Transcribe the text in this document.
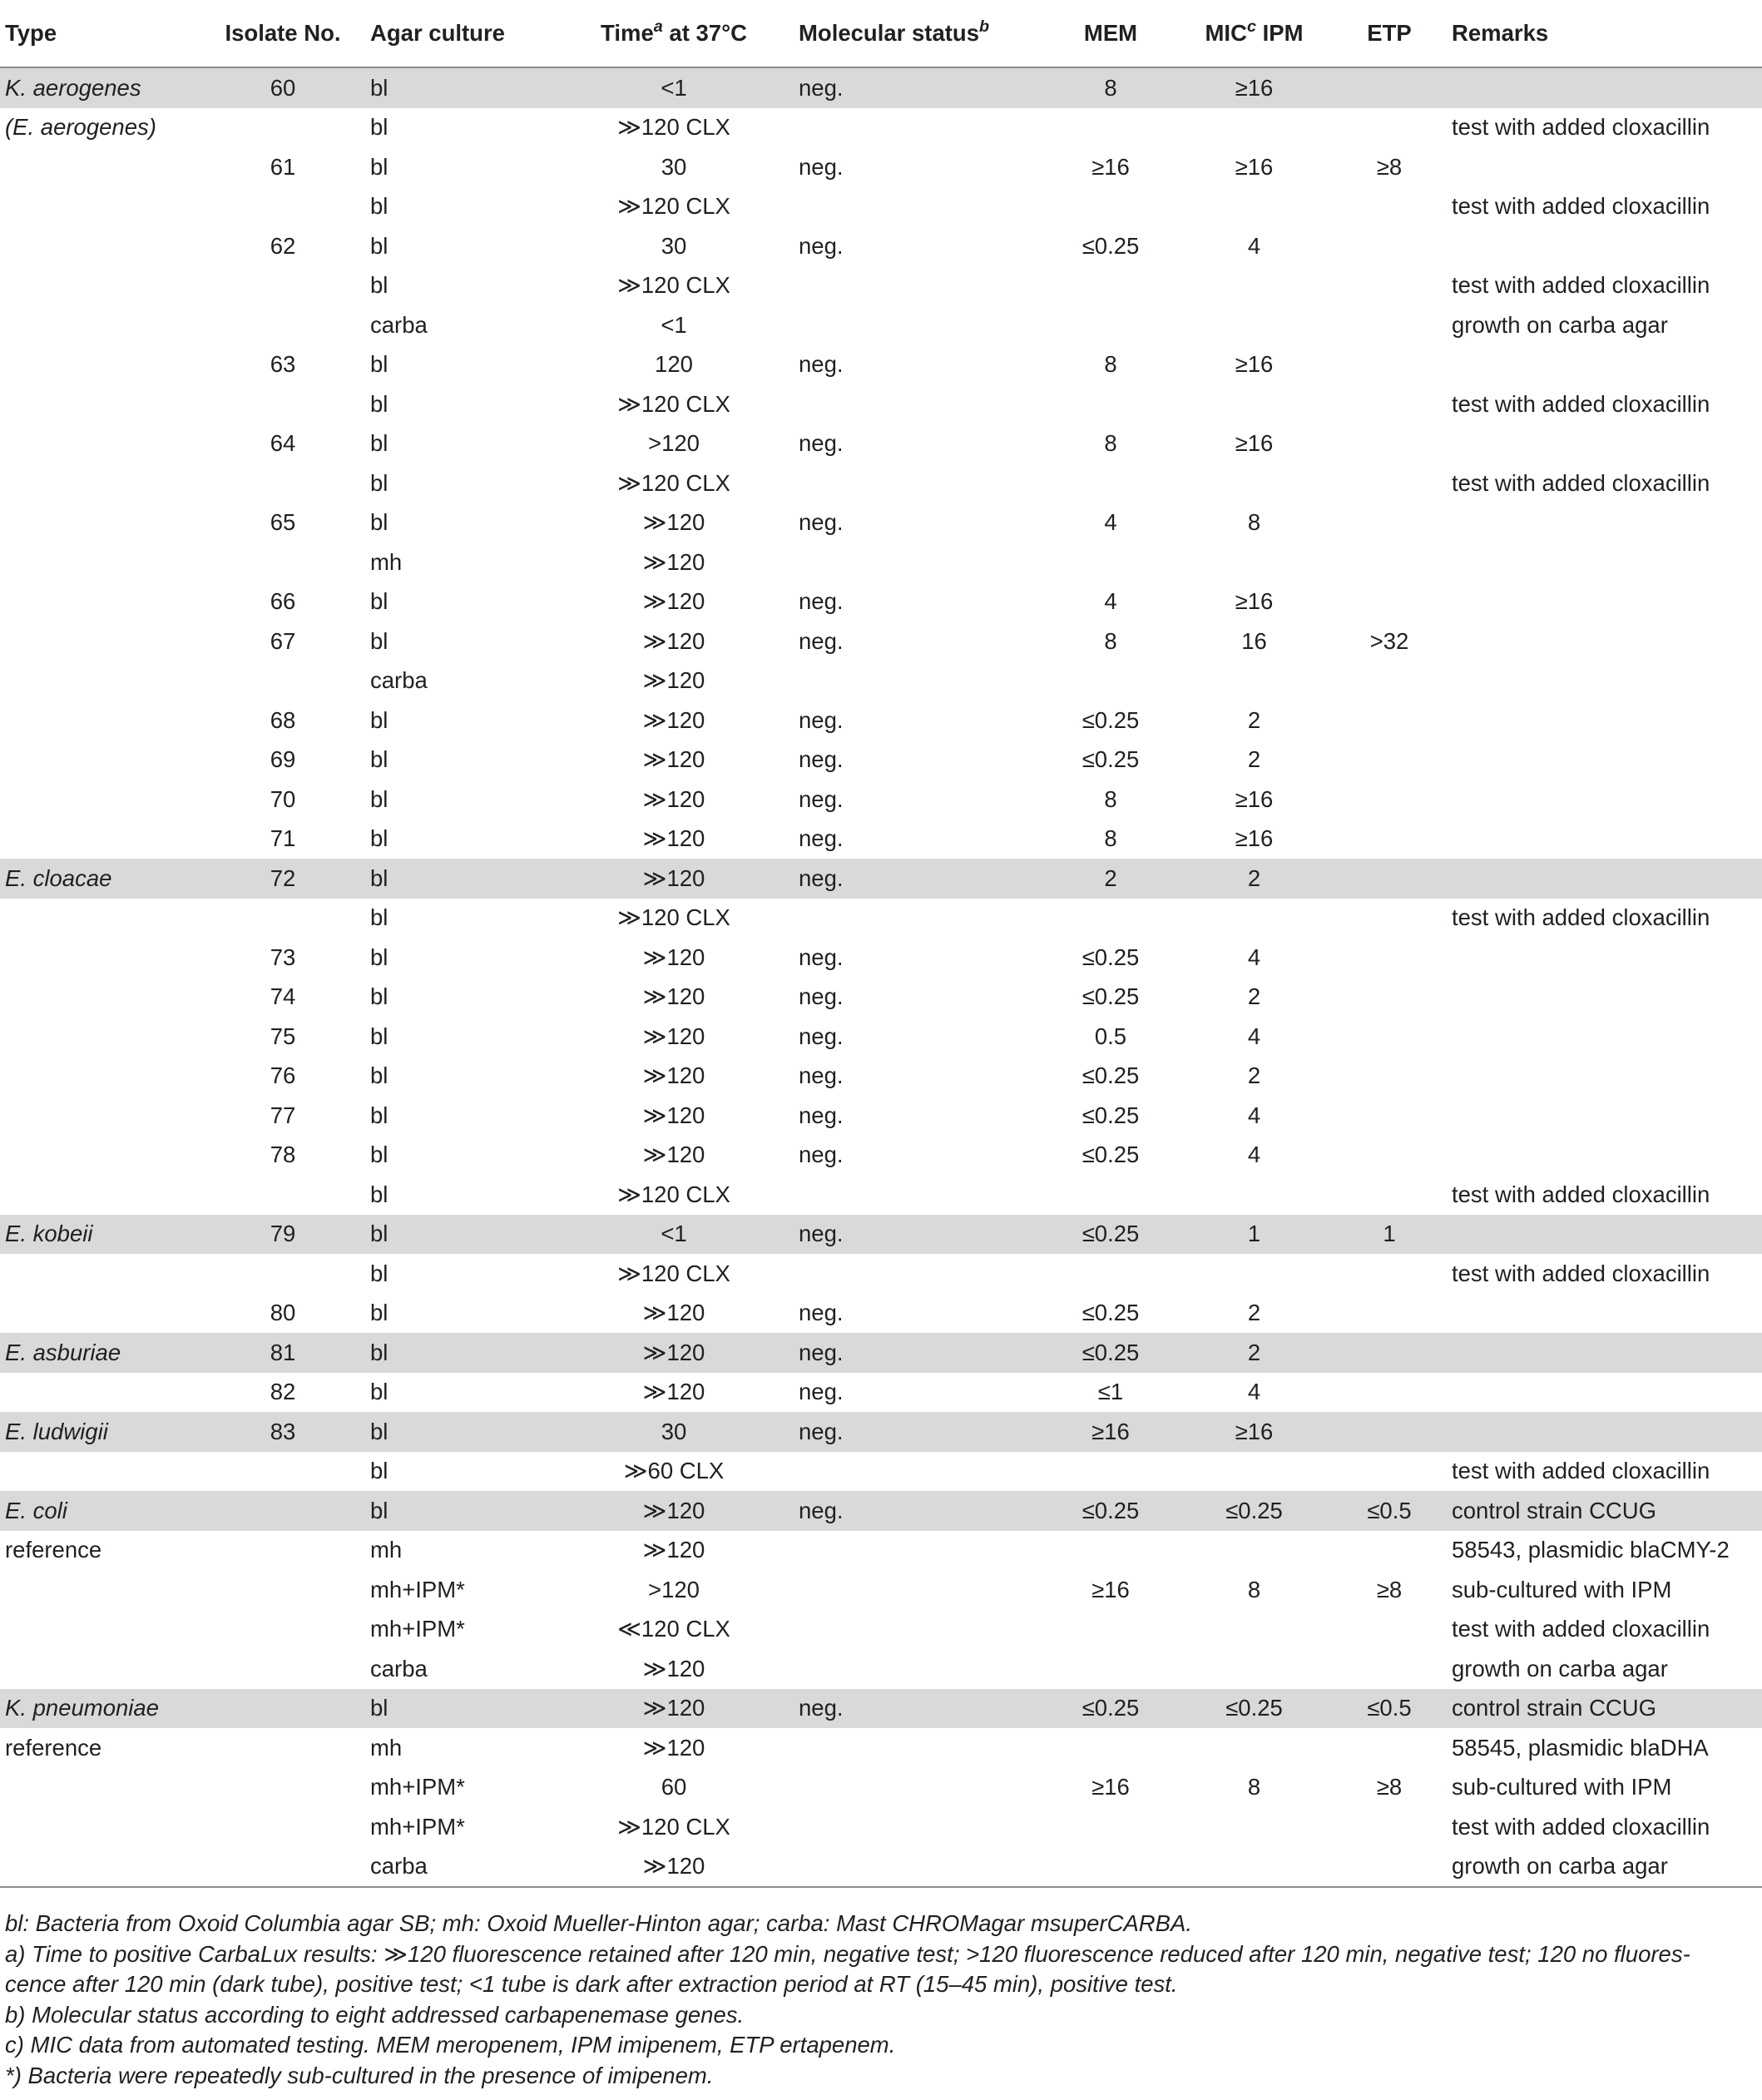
Type	Isolate No.	Agar culture	Time$^a$ at 37°C	Molecular status$^b$	MEM	MIC$^c$ IPM	ETP	Remarks
K. aerogenes	60	bl	<1	neg.	8	≥16		
(E. aerogenes)		bl	≫120 CLX					test with added cloxacillin
	61	bl	30	neg.	≥16	≥16	≥8	
		bl	≫120 CLX					test with added cloxacillin
	62	bl	30	neg.	≤0.25	4		
		bl	≫120 CLX					test with added cloxacillin
		carba	<1					growth on carba agar
	63	bl	120	neg.	8	≥16		
		bl	≫120 CLX					test with added cloxacillin
	64	bl	>120	neg.	8	≥16		
		bl	≫120 CLX					test with added cloxacillin
	65	bl	≫120	neg.	4	8		
		mh	≫120					
	66	bl	≫120	neg.	4	≥16		
	67	bl	≫120	neg.	8	16	>32	
		carba	≫120					
	68	bl	≫120	neg.	≤0.25	2		
	69	bl	≫120	neg.	≤0.25	2		
	70	bl	≫120	neg.	8	≥16		
	71	bl	≫120	neg.	8	≥16		
E. cloacae	72	bl	≫120	neg.	2	2		
		bl	≫120 CLX					test with added cloxacillin
	73	bl	≫120	neg.	≤0.25	4		
	74	bl	≫120	neg.	≤0.25	2		
	75	bl	≫120	neg.	0.5	4		
	76	bl	≫120	neg.	≤0.25	2		
	77	bl	≫120	neg.	≤0.25	4		
	78	bl	≫120	neg.	≤0.25	4		
		bl	≫120 CLX					test with added cloxacillin
E. kobeii	79	bl	<1	neg.	≤0.25	1	1	
		bl	≫120 CLX					test with added cloxacillin
	80	bl	≫120	neg.	≤0.25	2		
E. asburiae	81	bl	≫120	neg.	≤0.25	2		
	82	bl	≫120	neg.	≤1	4		
E. ludwigii	83	bl	30	neg.	≥16	≥16		
		bl	≫60 CLX					test with added cloxacillin
E. coli		bl	≫120	neg.	≤0.25	≤0.25	≤0.5	control strain CCUG
reference		mh	≫120					58543, plasmidic blaCMY-2
		mh+IPM*	>120		≥16	8	≥8	sub-cultured with IPM
		mh+IPM*	≪120 CLX					test with added cloxacillin
		carba	≫120					growth on carba agar
K. pneumoniae		bl	≫120	neg.	≤0.25	≤0.25	≤0.5	control strain CCUG
reference		mh	≫120					58545, plasmidic blaDHA
		mh+IPM*	60		≥16	8	≥8	sub-cultured with IPM
		mh+IPM*	≫120 CLX					test with added cloxacillin
		carba	≫120					growth on carba agar
bl: Bacteria from Oxoid Columbia agar SB; mh: Oxoid Mueller-Hinton agar; carba: Mast CHROMagar msuperCARBA.
a) Time to positive CarbaLux results: ≫120 fluorescence retained after 120 min, negative test; >120 fluorescence reduced after 120 min, negative test; 120 no fluores-
cence after 120 min (dark tube), positive test; <1 tube is dark after extraction period at RT (15–45 min), positive test.
b) Molecular status according to eight addressed carbapenemase genes.
c) MIC data from automated testing. MEM meropenem, IPM imipenem, ETP ertapenem.
*) Bacteria were repeatedly sub-cultured in the presence of imipenem.
